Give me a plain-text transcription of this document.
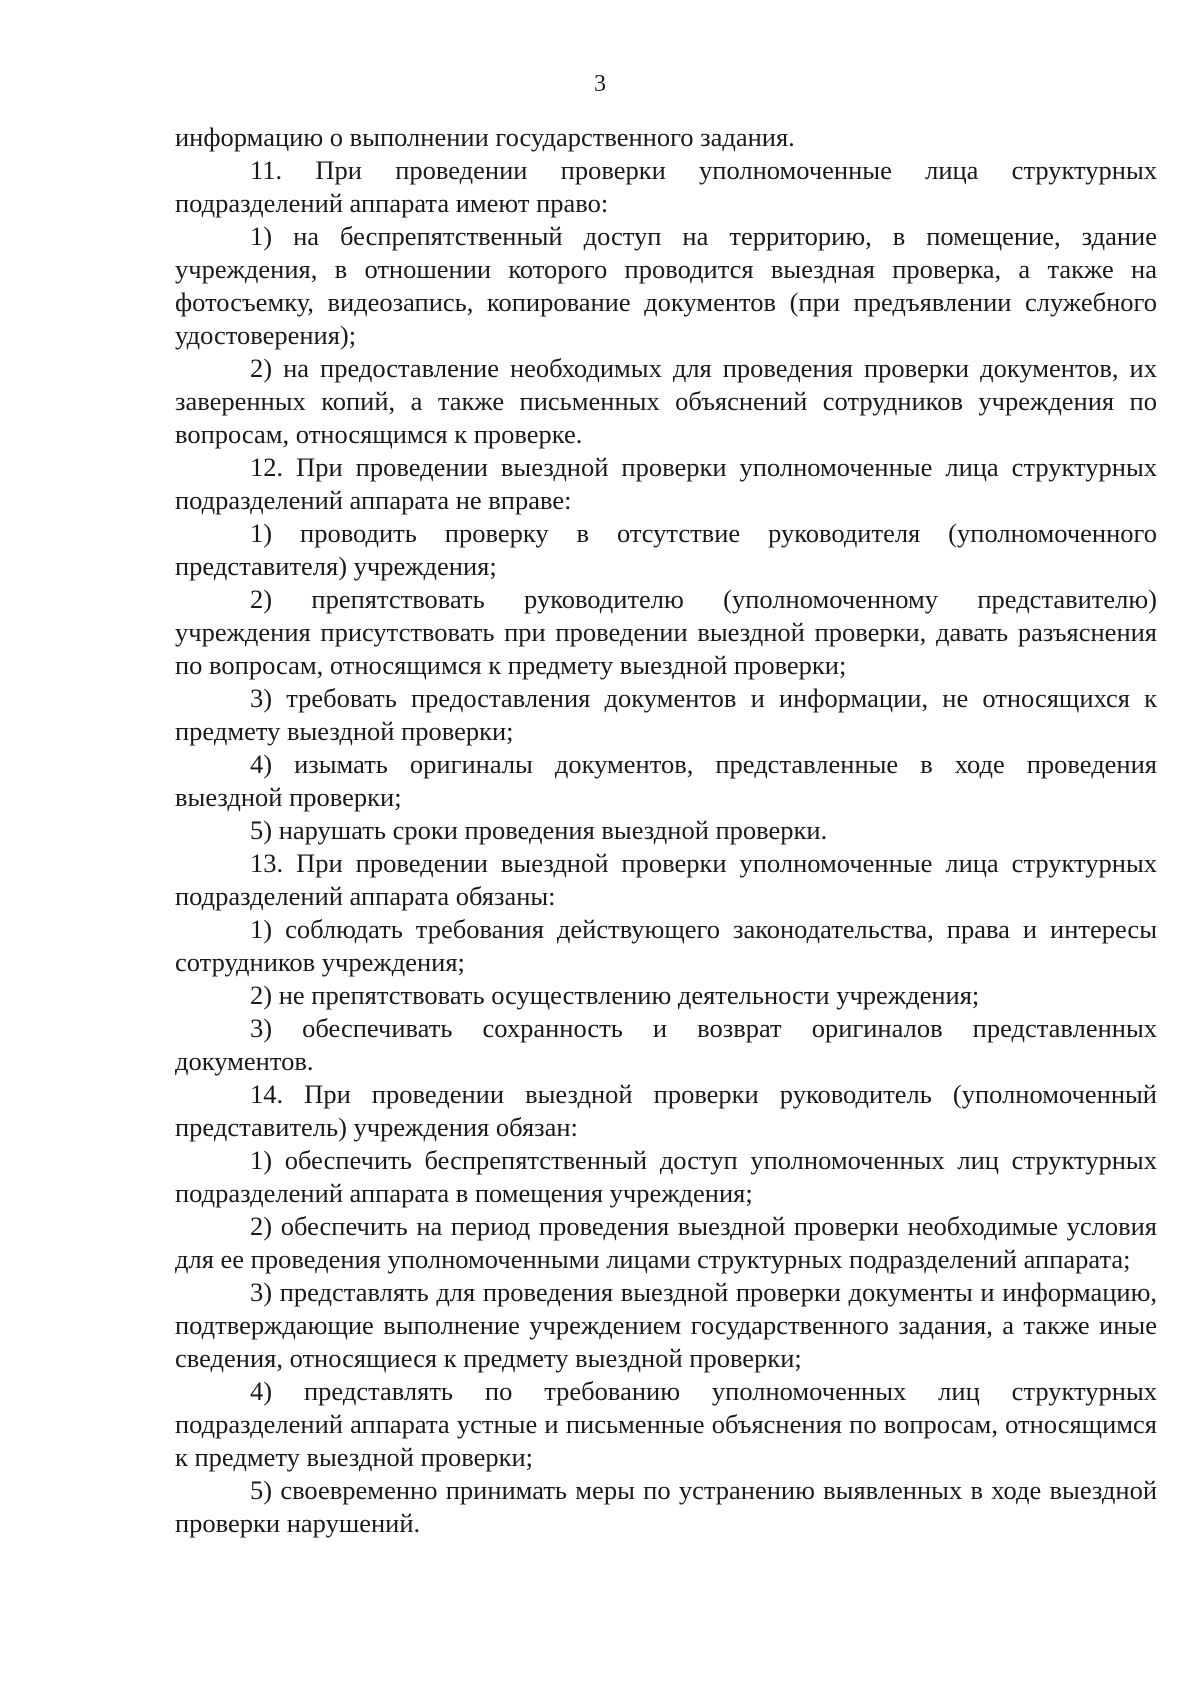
3

информацию о выполнении государственного задания.

11. При проведении проверки уполномоченные лица структурных подразделений аппарата имеют право:

1) на беспрепятственный доступ на территорию, в помещение, здание учреждения, в отношении которого проводится выездная проверка, а также на фотосъемку, видеозапись, копирование документов (при предъявлении служебного удостоверения);

2) на предоставление необходимых для проведения проверки документов, их заверенных копий, а также письменных объяснений сотрудников учреждения по вопросам, относящимся к проверке.

12. При проведении выездной проверки уполномоченные лица структурных подразделений аппарата не вправе:

1) проводить проверку в отсутствие руководителя (уполномоченного представителя) учреждения;

2) препятствовать руководителю (уполномоченному представителю) учреждения присутствовать при проведении выездной проверки, давать разъяснения по вопросам, относящимся к предмету выездной проверки;

3) требовать предоставления документов и информации, не относящихся к предмету выездной проверки;

4) изымать оригиналы документов, представленные в ходе проведения выездной проверки;

5) нарушать сроки проведения выездной проверки.

13. При проведении выездной проверки уполномоченные лица структурных подразделений аппарата обязаны:

1) соблюдать требования действующего законодательства, права и интересы сотрудников учреждения;

2) не препятствовать осуществлению деятельности учреждения;

3) обеспечивать сохранность и возврат оригиналов представленных документов.

14. При проведении выездной проверки руководитель (уполномоченный представитель) учреждения обязан:

1) обеспечить беспрепятственный доступ уполномоченных лиц структурных подразделений аппарата в помещения учреждения;

2) обеспечить на период проведения выездной проверки необходимые условия для ее проведения уполномоченными лицами структурных подразделений аппарата;

3) представлять для проведения выездной проверки документы и информацию, подтверждающие выполнение учреждением государственного задания, а также иные сведения, относящиеся к предмету выездной проверки;

4) представлять по требованию уполномоченных лиц структурных подразделений аппарата устные и письменные объяснения по вопросам, относящимся к предмету выездной проверки;

5) своевременно принимать меры по устранению выявленных в ходе выездной проверки нарушений.
